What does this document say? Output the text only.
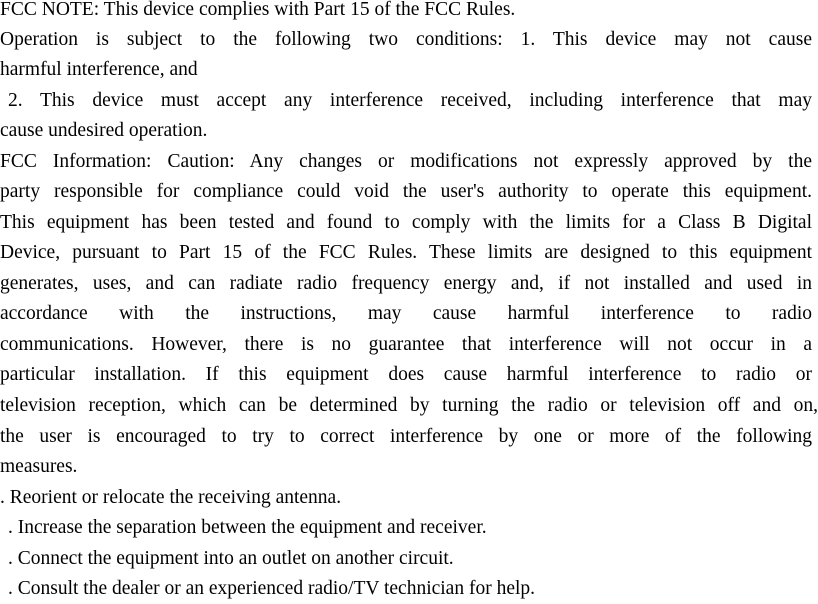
FCC NOTE: This device complies with Part 15 of the FCC Rules.
Operation is subject to the following two conditions: 1. This device may not cause
harmful interference, and
2. This device must accept any interference received, including interference that may
cause undesired operation.
FCC Information: Caution: Any changes or modifications not expressly approved by the
party responsible for compliance could void the user's authority to operate this equipment.
This equipment has been tested and found to comply with the limits for a Class B Digital
Device, pursuant to Part 15 of the FCC Rules. These limits are designed to this equipment
generates, uses, and can radiate radio frequency energy and, if not installed and used in
accordance with the instructions, may cause harmful interference to radio
communications. However, there is no guarantee that interference will not occur in a
particular installation. If this equipment does cause harmful interference to radio or
television reception, which can be determined by turning the radio or television off and on,
the user is encouraged to try to correct interference by one or more of the following
measures.
. Reorient or relocate the receiving antenna.
. Increase the separation between the equipment and receiver.
. Connect the equipment into an outlet on another circuit.
. Consult the dealer or an experienced radio/TV technician for help.
